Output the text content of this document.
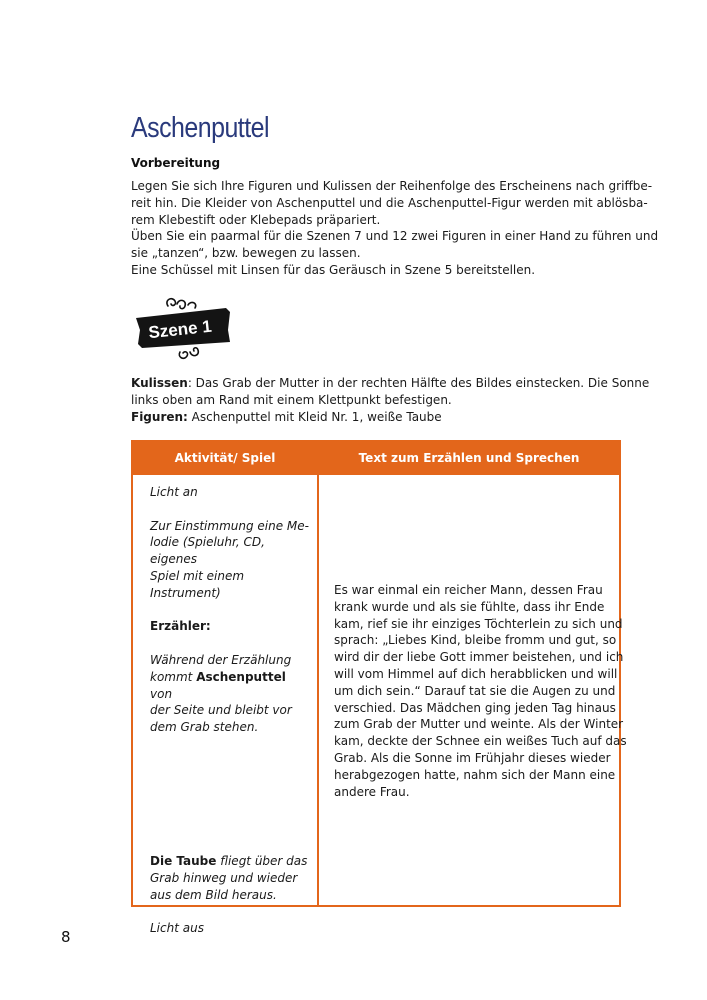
Aschenputtel
Vorbereitung
Legen Sie sich Ihre Figuren und Kulissen der Reihenfolge des Erscheinens nach griffbe-
reit hin. Die Kleider von Aschenputtel und die Aschenputtel-Figur werden mit ablösba-
rem Klebestift oder Klebepads präpariert.
Üben Sie ein paarmal für die Szenen 7 und 12 zwei Figuren in einer Hand zu führen und
sie „tanzen“, bzw. bewegen zu lassen.
Eine Schüssel mit Linsen für das Geräusch in Szene 5 bereitstellen.
Szene 1
Kulissen: Das Grab der Mutter in der rechten Hälfte des Bildes einstecken. Die Sonne
links oben am Rand mit einem Klettpunkt befestigen.
Figuren: Aschenputtel mit Kleid Nr. 1, weiße Taube
Aktivität/ Spiel	Text zum Erzählen und Sprechen
Licht an
Zur Einstimmung eine Me-
lodie (Spieluhr, CD, eigenes
Spiel mit einem Instrument)
Erzähler:
Während der Erzählung
kommt Aschenputtel von
der Seite und bleibt vor
dem Grab stehen.
Die Taube fliegt über das
Grab hinweg und wieder
aus dem Bild heraus.
Licht aus
Es war einmal ein reicher Mann, dessen Frau
krank wurde und als sie fühlte, dass ihr Ende
kam, rief sie ihr einziges Töchterlein zu sich und
sprach: „Liebes Kind, bleibe fromm und gut, so
wird dir der liebe Gott immer beistehen, und ich
will vom Himmel auf dich herabblicken und will
um dich sein.“ Darauf tat sie die Augen zu und
verschied. Das Mädchen ging jeden Tag hinaus
zum Grab der Mutter und weinte. Als der Winter
kam, deckte der Schnee ein weißes Tuch auf das
Grab. Als die Sonne im Frühjahr dieses wieder
herabgezogen hatte, nahm sich der Mann eine
andere Frau.
8
